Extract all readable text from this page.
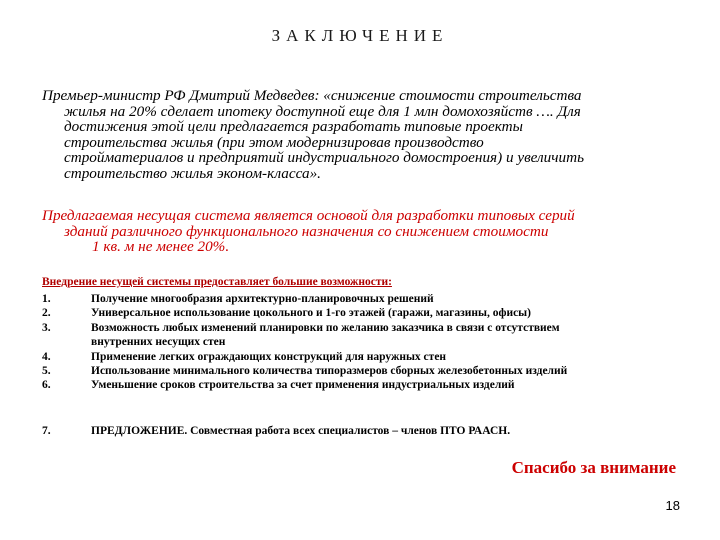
ЗАКЛЮЧЕНИЕ
Премьер-министр РФ Дмитрий Медведев: «снижение стоимости строительства
жилья на 20% сделает ипотеку доступной еще для 1 млн домохозяйств …. Для
достижения этой цели предлагается разработать типовые проекты
строительства жилья (при этом модернизировав производство
стройматериалов и предприятий индустриального домостроения) и увеличить
строительство жилья эконом-класса».
Предлагаемая несущая система является основой для разработки типовых серий
зданий различного функционального назначения со снижением стоимости
1 кв. м не менее 20%.
Внедрение несущей системы предоставляет большие возможности:
1.	Получение многообразия архитектурно-планировочных решений
2.	Универсальное использование цокольного и 1-го этажей (гаражи, магазины, офисы)
3.	Возможность любых изменений планировки по желанию заказчика в связи с отсутствием
внутренних несущих стен
4.	Применение легких ограждающих конструкций для наружных стен
5.	Использование минимального количества типоразмеров сборных железобетонных изделий
6.	Уменьшение сроков строительства за счет применения индустриальных изделий
7.	ПРЕДЛОЖЕНИЕ. Совместная работа всех специалистов – членов ПТО РААСН.
Спасибо за внимание
18
